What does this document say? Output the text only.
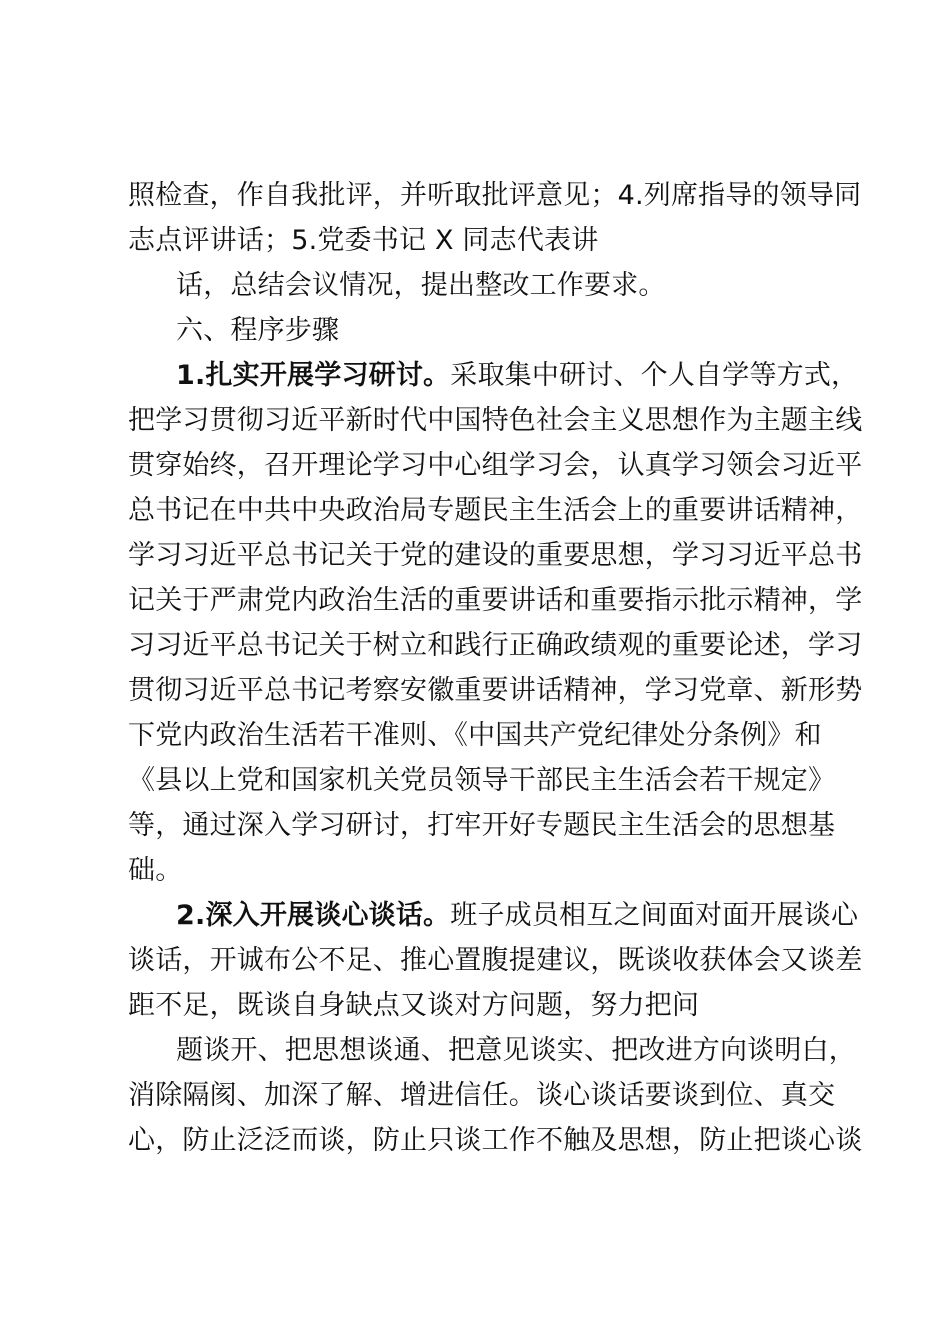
照检查，作自我批评，并听取批评意见；4.列席指导的领导同
志点评讲话；5.党委书记 X 同志代表讲
话，总结会议情况，提出整改工作要求。
六、程序步骤
1.扎实开展学习研讨。采取集中研讨、个人自学等方式，
把学习贯彻习近平新时代中国特色社会主义思想作为主题主线
贯穿始终，召开理论学习中心组学习会，认真学习领会习近平
总书记在中共中央政治局专题民主生活会上的重要讲话精神，
学习习近平总书记关于党的建设的重要思想，学习习近平总书
记关于严肃党内政治生活的重要讲话和重要指示批示精神，学
习习近平总书记关于树立和践行正确政绩观的重要论述，学习
贯彻习近平总书记考察安徽重要讲话精神，学习党章、新形势
下党内政治生活若干准则、《中国共产党纪律处分条例》和
《县以上党和国家机关党员领导干部民主生活会若干规定》
等，通过深入学习研讨，打牢开好专题民主生活会的思想基
础。
2.深入开展谈心谈话。班子成员相互之间面对面开展谈心
谈话，开诚布公不足、推心置腹提建议，既谈收获体会又谈差
距不足，既谈自身缺点又谈对方问题，努力把问
题谈开、把思想谈通、把意见谈实、把改进方向谈明白，
消除隔阂、加深了解、增进信任。谈心谈话要谈到位、真交
心，防止泛泛而谈，防止只谈工作不触及思想，防止把谈心谈
